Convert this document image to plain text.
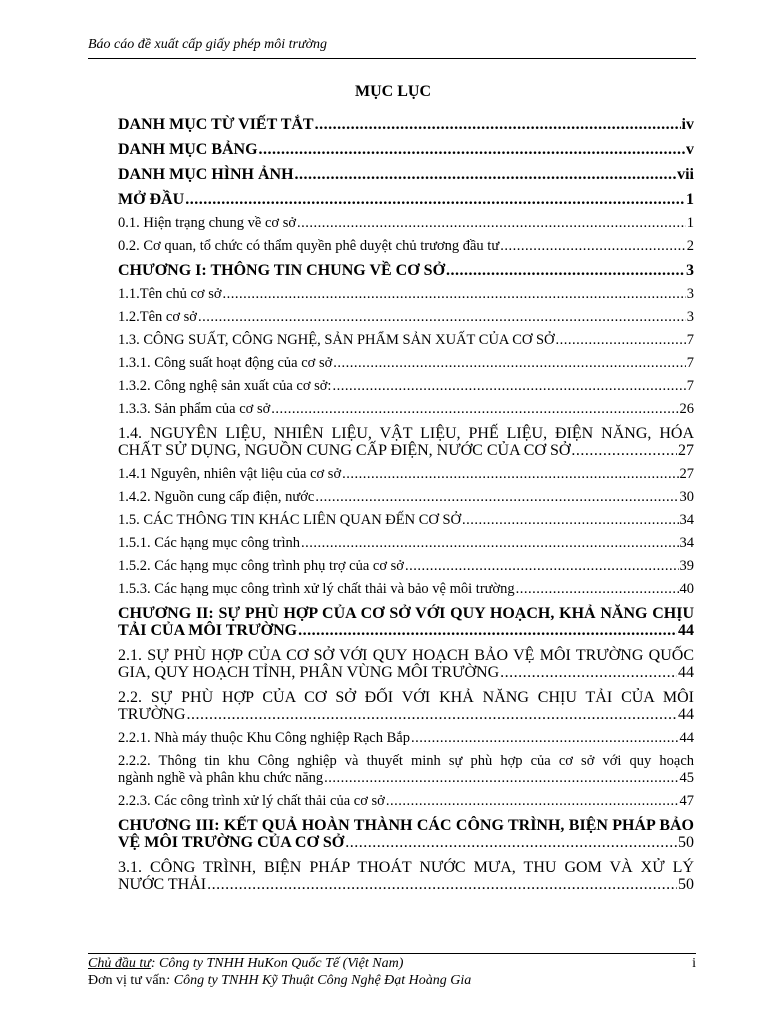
Báo cáo đề xuất cấp giấy phép môi trường
MỤC LỤC
DANH MỤC TỪ VIẾT TẮT .....	iv
DANH MỤC BẢNG .....	v
DANH MỤC HÌNH ẢNH .....	vii
MỞ ĐẦU .....	1
0.1. Hiện trạng chung về cơ sở .....	1
0.2. Cơ quan, tổ chức có thẩm quyền phê duyệt chủ trương đầu tư .....	2
CHƯƠNG I: THÔNG TIN CHUNG VỀ CƠ SỞ .....	3
1.1.Tên chủ cơ sở .....	3
1.2.Tên cơ sở .....	3
1.3. CÔNG SUẤT, CÔNG NGHỆ, SẢN PHẨM SẢN XUẤT CỦA CƠ SỞ .....	7
1.3.1. Công suất hoạt động của cơ sở .....	7
1.3.2. Công nghệ sản xuất của cơ sở: .....	7
1.3.3. Sản phẩm của cơ sở .....	26
1.4. NGUYÊN LIỆU, NHIÊN LIỆU, VẬT LIỆU, PHẾ LIỆU, ĐIỆN NĂNG, HÓA
CHẤT SỬ DỤNG, NGUỒN CUNG CẤP ĐIỆN, NƯỚC CỦA CƠ SỞ .....	27
1.4.1 Nguyên, nhiên vật liệu của cơ sở .....	27
1.4.2. Nguồn cung cấp điện, nước .....	30
1.5. CÁC THÔNG TIN KHÁC LIÊN QUAN ĐẾN CƠ SỞ .....	34
1.5.1. Các hạng mục công trình .....	34
1.5.2. Các hạng mục công trình phụ trợ của cơ sở .....	39
1.5.3. Các hạng mục công trình xử lý chất thải và bảo vệ môi trường .....	40
CHƯƠNG II: SỰ PHÙ HỢP CỦA CƠ SỞ VỚI QUY HOẠCH, KHẢ NĂNG CHỊU
TẢI CỦA MÔI TRƯỜNG .....	44
2.1. SỰ PHÙ HỢP CỦA CƠ SỞ VỚI QUY HOẠCH BẢO VỆ MÔI TRƯỜNG QUỐC
GIA, QUY HOẠCH TỈNH, PHÂN VÙNG MÔI TRƯỜNG .....	44
2.2. SỰ PHÙ HỢP CỦA CƠ SỞ ĐỐI VỚI KHẢ NĂNG CHỊU TẢI CỦA MÔI
TRƯỜNG .....	44
2.2.1. Nhà máy thuộc Khu Công nghiệp Rạch Bắp .....	44
2.2.2. Thông tin khu Công nghiệp và thuyết minh sự phù hợp của cơ sở với quy hoạch
ngành nghề và phân khu chức năng .....	45
2.2.3. Các công trình xử lý chất thải của cơ sở .....	47
CHƯƠNG III: KẾT QUẢ HOÀN THÀNH CÁC CÔNG TRÌNH, BIỆN PHÁP BẢO
VỆ MÔI TRƯỜNG CỦA CƠ SỞ .....	50
3.1. CÔNG TRÌNH, BIỆN PHÁP THOÁT NƯỚC MƯA, THU GOM VÀ XỬ LÝ
NƯỚC THẢI .....	50
Chủ đầu tư: Công ty TNHH HuKon Quốc Tế (Việt Nam)	i
Đơn vị tư vấn: Công ty TNHH Kỹ Thuật Công Nghệ Đạt Hoàng Gia
